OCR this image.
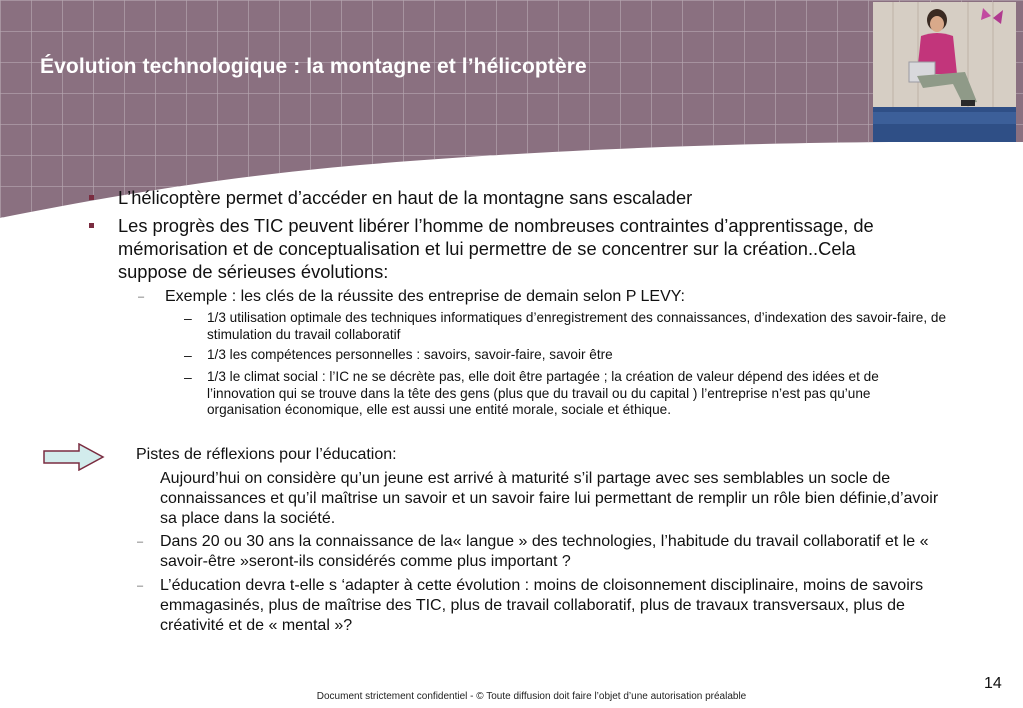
Évolution technologique : la montagne et l’hélicoptère

L’hélicoptère permet d’accéder en haut de la montagne sans escalader

Les progrès des TIC peuvent libérer l’homme de nombreuses contraintes d’apprentissage, de mémorisation et de conceptualisation et lui permettre de se concentrer sur la création..Cela suppose de sérieuses évolutions:

– Exemple : les clés de la réussite des entreprise de demain selon P LEVY:

– 1/3 utilisation optimale des techniques informatiques d’enregistrement des connaissances, d’indexation des savoir-faire, de stimulation du travail collaboratif

– 1/3 les compétences personnelles : savoirs, savoir-faire, savoir être

– 1/3 le climat social : l’IC ne se décrète pas, elle doit être partagée ; la création de valeur dépend des idées et de l’innovation qui se trouve dans la tête des gens (plus que du travail ou du capital ) l’entreprise n’est pas qu’une organisation économique, elle est aussi une entité morale, sociale et éthique.

Pistes de réflexions pour l’éducation:

Aujourd’hui on considère qu’un jeune est arrivé à maturité s’il partage avec ses semblables un socle de connaissances et qu’il maîtrise un savoir et un savoir faire lui permettant de remplir un rôle bien définie,d’avoir sa place dans la société.

– Dans 20 ou 30 ans la connaissance de la« langue » des technologies, l’habitude du travail collaboratif et le « savoir-être »seront-ils considérés comme plus important ?

– L’éducation devra t-elle s ‘adapter à cette évolution : moins de cloisonnement disciplinaire, moins de savoirs emmagasinés, plus de maîtrise des TIC, plus de travail collaboratif, plus de travaux transversaux, plus de créativité et de « mental »?

14
Document strictement confidentiel - © Toute diffusion doit faire l’objet d’une autorisation préalable
